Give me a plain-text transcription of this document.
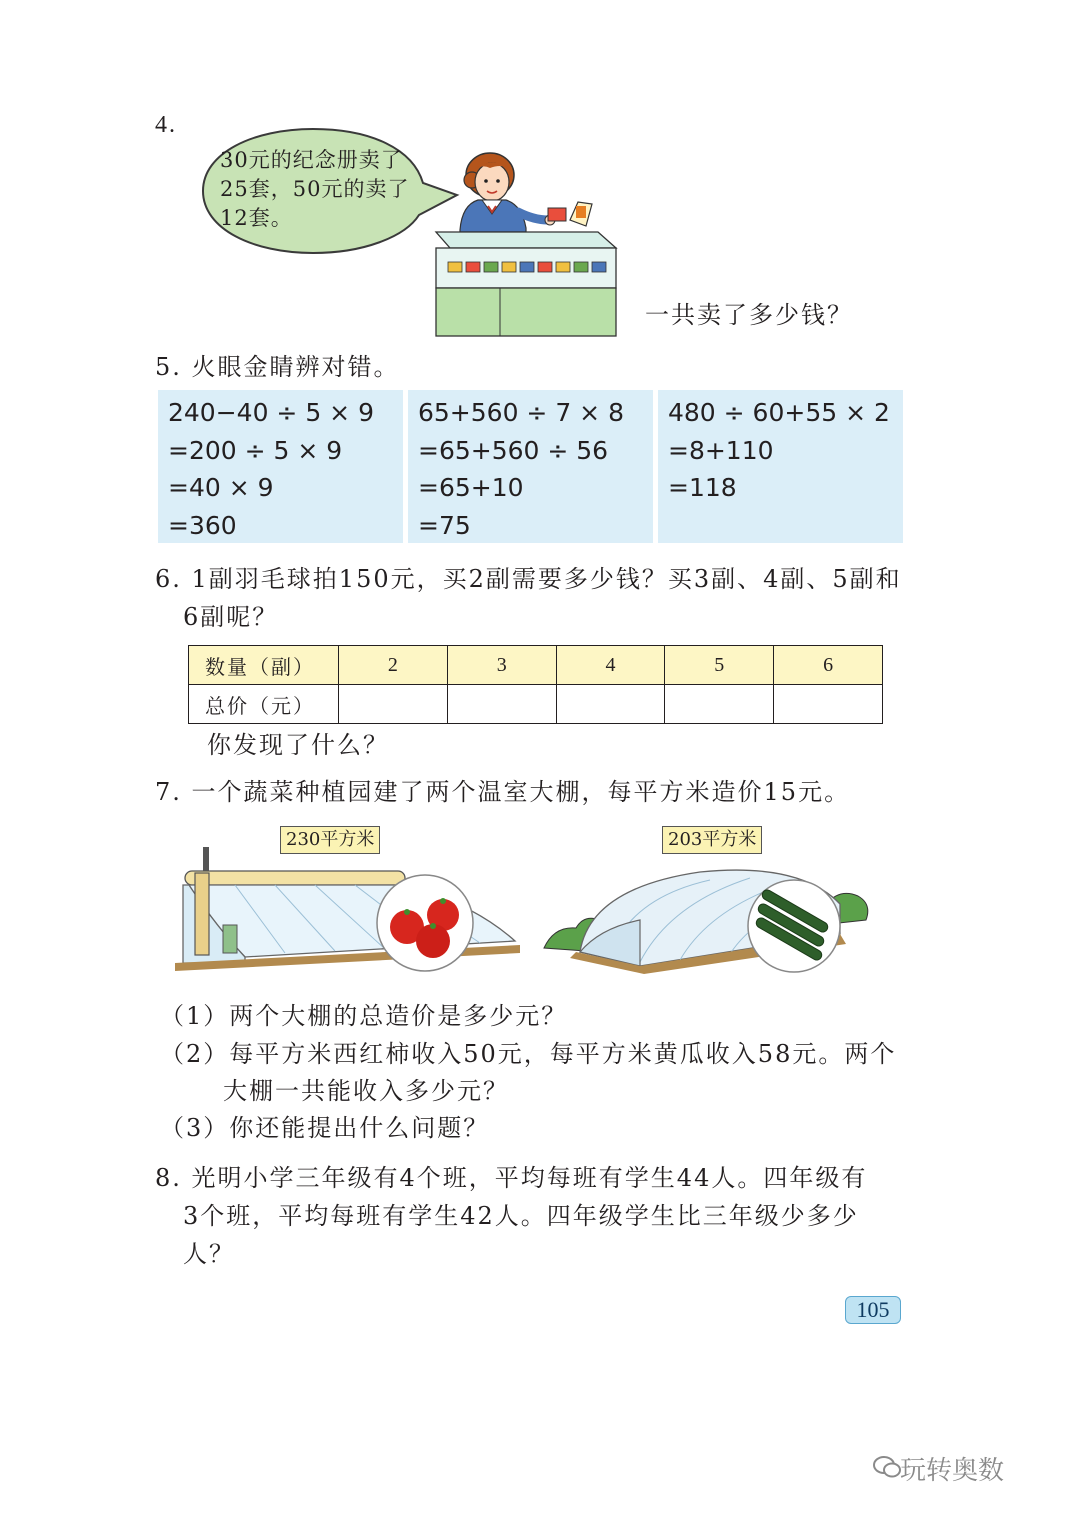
4.
30元的纪念册卖了
25套，50元的卖了
12套。
一共卖了多少钱？
5. 火眼金睛辨对错。
240−40 ÷ 5 × 9
=200 ÷ 5 × 9
=40 × 9
=360
65+560 ÷ 7 × 8
=65+560 ÷ 56
=65+10
=75
480 ÷ 60+55 × 2
=8+110
=118
6. 1副羽毛球拍150元，买2副需要多少钱？买3副、4副、5副和
6副呢？
数量（副）	2	3	4	5	6
总价（元）					
你发现了什么？
7. 一个蔬菜种植园建了两个温室大棚，每平方米造价15元。
230平方米	203平方米
（1）两个大棚的总造价是多少元？
（2）每平方米西红柿收入50元，每平方米黄瓜收入58元。两个
大棚一共能收入多少元？
（3）你还能提出什么问题？
8. 光明小学三年级有4个班，平均每班有学生44人。四年级有
3个班，平均每班有学生42人。四年级学生比三年级少多少
人？
105
玩转奥数
